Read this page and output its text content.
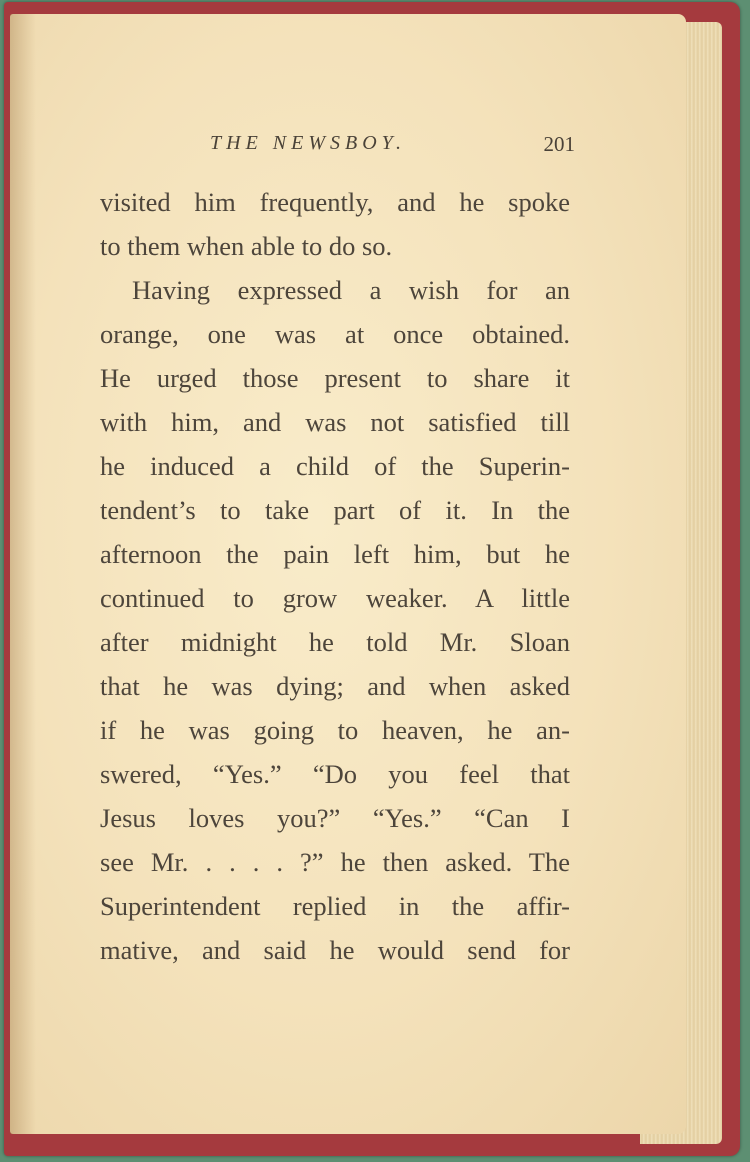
THE NEWSBOY.	201
visited him frequently, and he spoke
to them when able to do so.
Having expressed a wish for an
orange, one was at once obtained.
He urged those present to share it
with him, and was not satisfied till
he induced a child of the Superin-
tendent’s to take part of it. In the
afternoon the pain left him, but he
continued to grow weaker. A little
after midnight he told Mr. Sloan
that he was dying; and when asked
if he was going to heaven, he an-
swered, “Yes.” “Do you feel that
Jesus loves you?” “Yes.” “Can I
see Mr. . . . . ?” he then asked. The
Superintendent replied in the affir-
mative, and said he would send for
